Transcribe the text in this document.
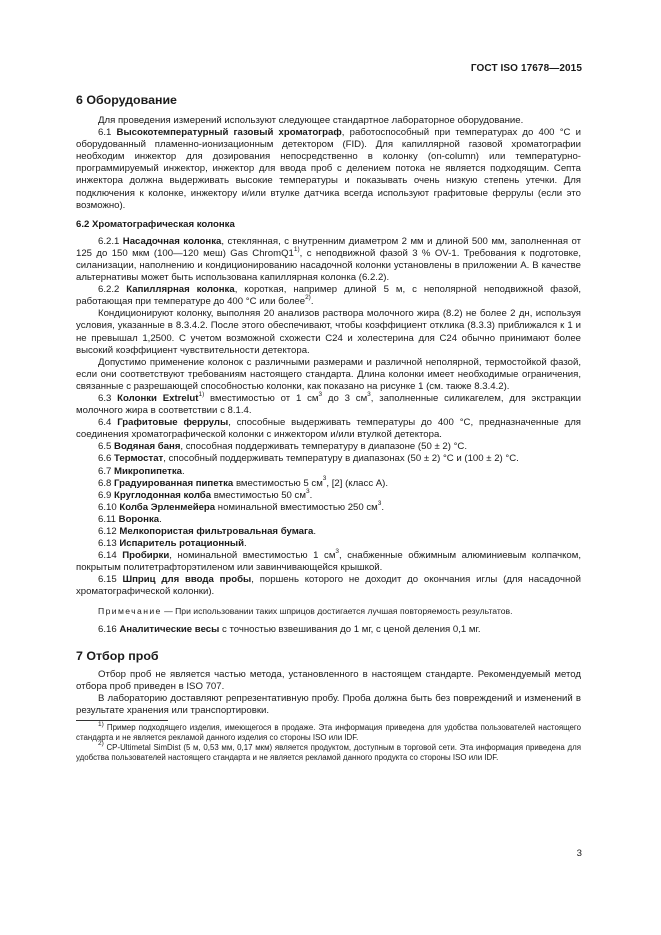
ГОСТ ISO 17678—2015
6 Оборудование

Для проведения измерений используют следующее стандартное лабораторное оборудование.

6.1 Высокотемпературный газовый хроматограф, работоспособный при температурах до 400 °С и оборудованный пламенно-ионизационным детектором (FID). Для капиллярной газовой хроматографии необходим инжектор для дозирования непосредственно в колонку (on-column) или температурно-программируемый инжектор, инжектор для ввода проб с делением потока не является подходящим. Септа инжектора должна выдерживать высокие температуры и показывать очень низкую степень утечки. Для подключения к колонке, инжектору и/или втулке датчика всегда используют графитовые феррулы (если это возможно).

6.2 Хроматографическая колонка

6.2.1 Насадочная колонка, стеклянная, с внутренним диаметром 2 мм и длиной 500 мм, заполненная от 125 до 150 мкм (100—120 меш) Gas ChromQ1$^{1)}$, с неподвижной фазой 3 % OV-1. Требования к подготовке, силанизации, наполнению и кондиционированию насадочной колонки установлены в приложении А. В качестве альтернативы может быть использована капиллярная колонка (6.2.2).

6.2.2 Капиллярная колонка, короткая, например длиной 5 м, с неполярной неподвижной фазой, работающая при температуре до 400 °С или более$^{2)}$.

Кондиционируют колонку, выполняя 20 анализов раствора молочного жира (8.2) не более 2 дн, используя условия, указанные в 8.3.4.2. После этого обеспечивают, чтобы коэффициент отклика (8.3.3) приближался к 1 и не превышал 1,2500. С учетом возможной схожести С24 и холестерина для С24 обычно принимают более высокий коэффициент чувствительности детектора.

Допустимо применение колонок с различными размерами и различной неполярной, термостойкой фазой, если они соответствуют требованиям настоящего стандарта. Длина колонки имеет необходимые ограничения, связанные с разрешающей способностью колонки, как показано на рисунке 1 (см. также 8.3.4.2).

6.3 Колонки Extrelut$^{1)}$ вместимостью от 1 $см^3$ до 3 $см^3$, заполненные силикагелем, для экстракции молочного жира в соответствии с 8.1.4.

6.4 Графитовые феррулы, способные выдерживать температуры до 400 °С, предназначенные для соединения хроматографической колонки с инжектором и/или втулкой детектора.

6.5 Водяная баня, способная поддерживать температуру в диапазоне (50 ± 2) °С.

6.6 Термостат, способный поддерживать температуру в диапазонах (50 ± 2) °С и (100 ± 2) °С.

6.7 Микропипетка.

6.8 Градуированная пипетка вместимостью 5 $см^3$, [2] (класс А).

6.9 Круглодонная колба вместимостью 50 $см^3$.

6.10 Колба Эрленмейера номинальной вместимостью 250 $см^3$.

6.11 Воронка.

6.12 Мелкопористая фильтровальная бумага.

6.13 Испаритель ротационный.

6.14 Пробирки, номинальной вместимостью 1 $см^3$, снабженные обжимным алюминиевым колпачком, покрытым политетрафторэтиленом или завинчивающейся крышкой.

6.15 Шприц для ввода пробы, поршень которого не доходит до окончания иглы (для насадочной хроматографической колонки).

Примечание — При использовании таких шприцов достигается лучшая повторяемость результатов.

6.16 Аналитические весы с точностью взвешивания до 1 мг, с ценой деления 0,1 мг.

7 Отбор проб

Отбор проб не является частью метода, установленного в настоящем стандарте. Рекомендуемый метод отбора проб приведен в ISO 707.

В лабораторию доставляют репрезентативную пробу. Проба должна быть без повреждений и изменений в результате хранения или транспортировки.

$^{1)}$ Пример подходящего изделия, имеющегося в продаже. Эта информация приведена для удобства пользователей настоящего стандарта и не является рекламой данного изделия со стороны ISO или IDF.
$^{2)}$ CP-Ultimetal SimDist (5 м, 0,53 мм, 0,17 мкм) является продуктом, доступным в торговой сети. Эта информация приведена для удобства пользователей настоящего стандарта и не является рекламой данного продукта со стороны ISO или IDF.
3
